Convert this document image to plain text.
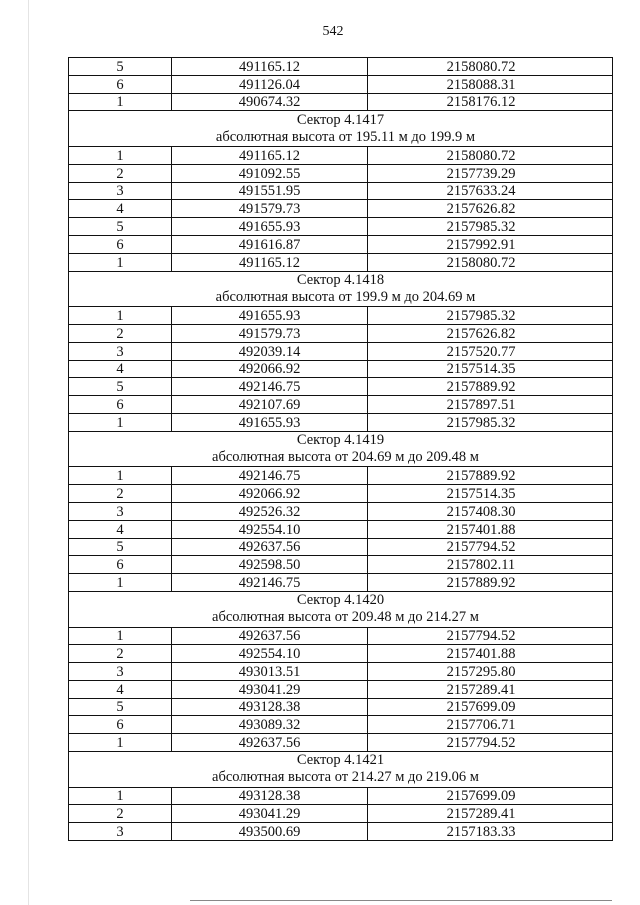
542
5	491165.12	2158080.72
6	491126.04	2158088.31
1	490674.32	2158176.12

Сектор 4.1417
абсолютная высота от 195.11 м до 199.9 м		

1	491165.12	2158080.72
2	491092.55	2157739.29
3	491551.95	2157633.24
4	491579.73	2157626.82
5	491655.93	2157985.32
6	491616.87	2157992.91
1	491165.12	2158080.72

Сектор 4.1418
абсолютная высота от 199.9 м до 204.69 м		

1	491655.93	2157985.32
2	491579.73	2157626.82
3	492039.14	2157520.77
4	492066.92	2157514.35
5	492146.75	2157889.92
6	492107.69	2157897.51
1	491655.93	2157985.32

Сектор 4.1419
абсолютная высота от 204.69 м до 209.48 м		

1	492146.75	2157889.92
2	492066.92	2157514.35
3	492526.32	2157408.30
4	492554.10	2157401.88
5	492637.56	2157794.52
6	492598.50	2157802.11
1	492146.75	2157889.92

Сектор 4.1420
абсолютная высота от 209.48 м до 214.27 м		

1	492637.56	2157794.52
2	492554.10	2157401.88
3	493013.51	2157295.80
4	493041.29	2157289.41
5	493128.38	2157699.09
6	493089.32	2157706.71
1	492637.56	2157794.52

Сектор 4.1421
абсолютная высота от 214.27 м до 219.06 м		

1	493128.38	2157699.09
2	493041.29	2157289.41
3	493500.69	2157183.33
